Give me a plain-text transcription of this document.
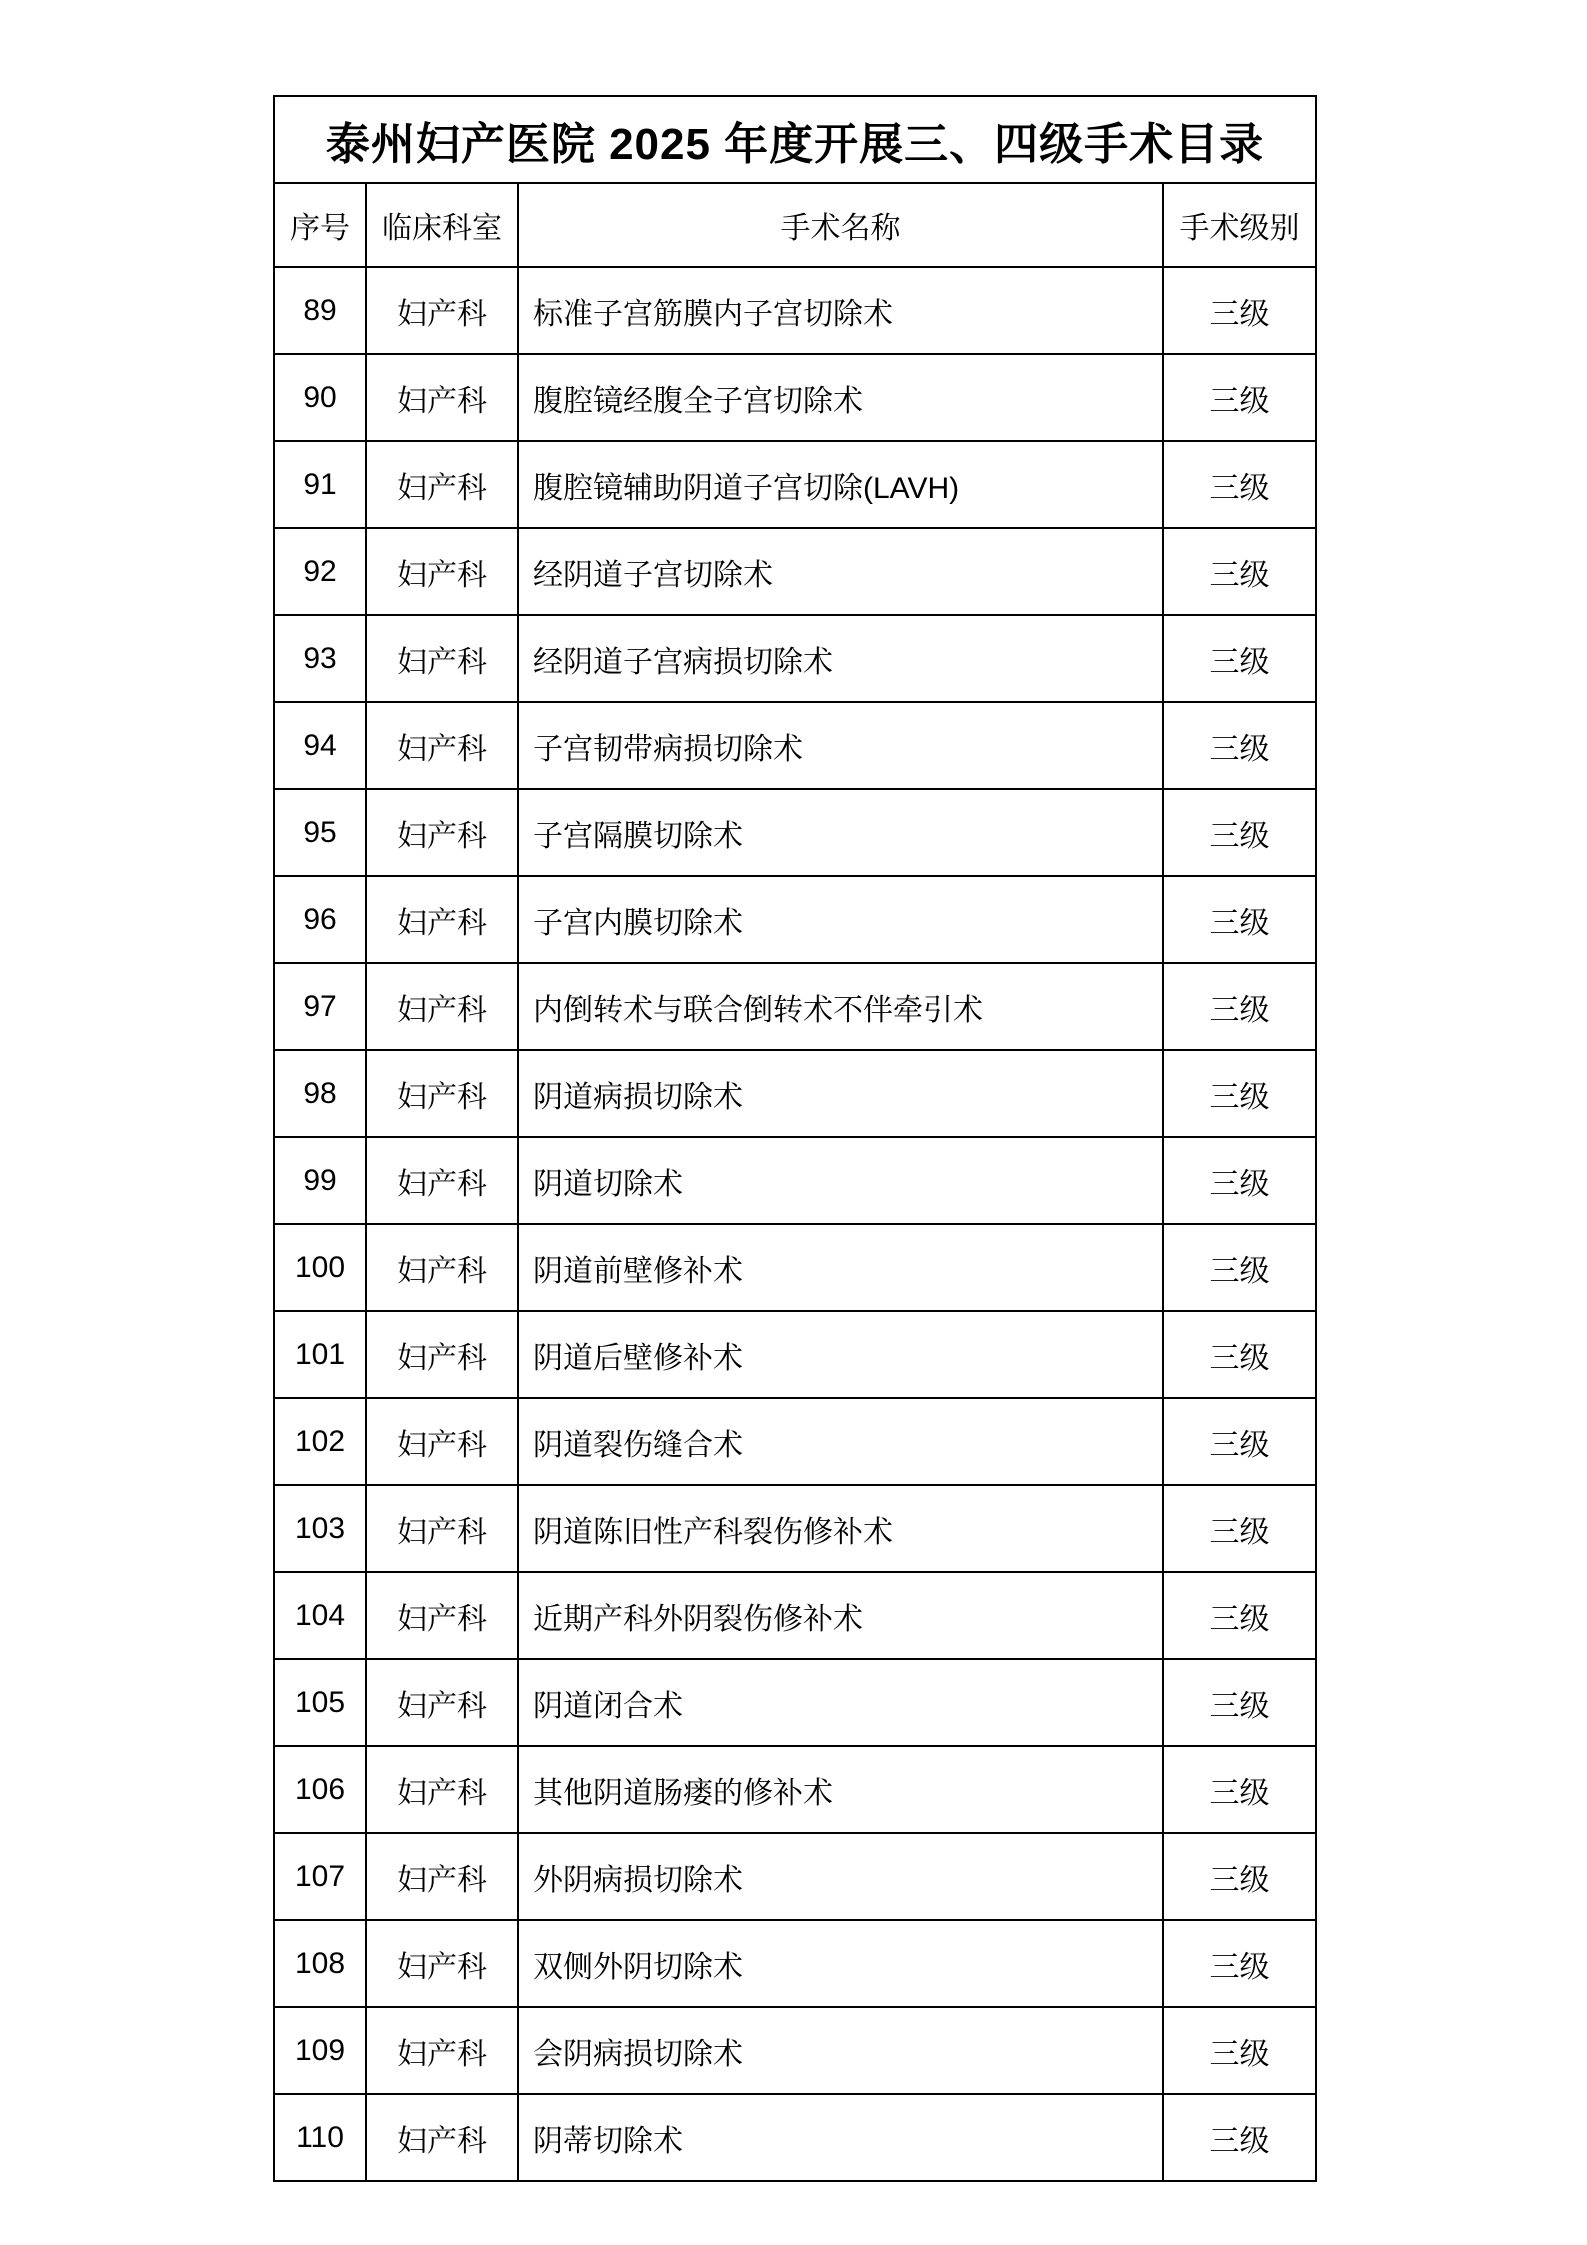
泰州妇产医院 2025 年度开展三、四级手术目录			
序号	临床科室	手术名称	手术级别
89	妇产科	标准子宫筋膜内子宫切除术	三级
90	妇产科	腹腔镜经腹全子宫切除术	三级
91	妇产科	腹腔镜辅助阴道子宫切除(LAVH)	三级
92	妇产科	经阴道子宫切除术	三级
93	妇产科	经阴道子宫病损切除术	三级
94	妇产科	子宫韧带病损切除术	三级
95	妇产科	子宫隔膜切除术	三级
96	妇产科	子宫内膜切除术	三级
97	妇产科	内倒转术与联合倒转术不伴牵引术	三级
98	妇产科	阴道病损切除术	三级
99	妇产科	阴道切除术	三级
100	妇产科	阴道前壁修补术	三级
101	妇产科	阴道后壁修补术	三级
102	妇产科	阴道裂伤缝合术	三级
103	妇产科	阴道陈旧性产科裂伤修补术	三级
104	妇产科	近期产科外阴裂伤修补术	三级
105	妇产科	阴道闭合术	三级
106	妇产科	其他阴道肠瘘的修补术	三级
107	妇产科	外阴病损切除术	三级
108	妇产科	双侧外阴切除术	三级
109	妇产科	会阴病损切除术	三级
110	妇产科	阴蒂切除术	三级
